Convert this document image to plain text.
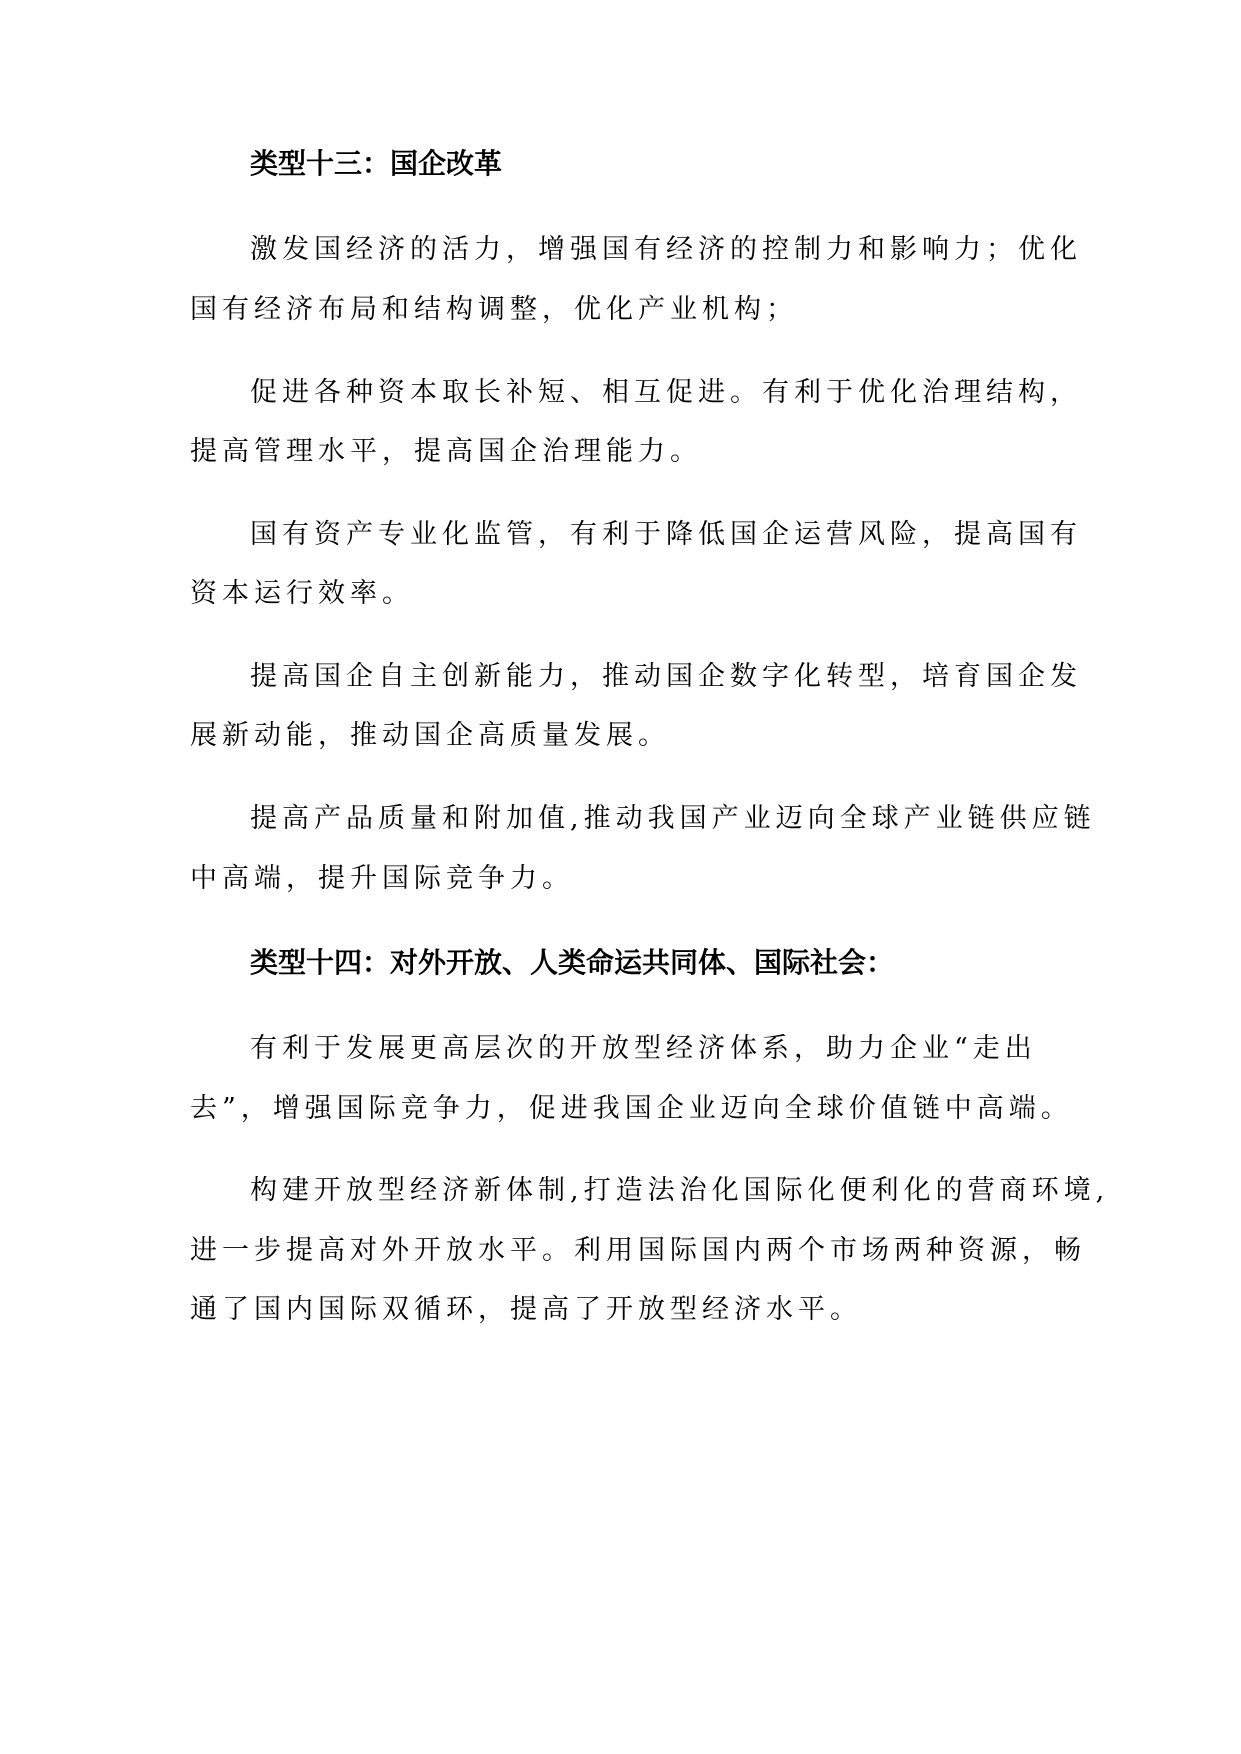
类型十三：国企改革
激发国经济的活力，增强国有经济的控制力和影响力；优化
国有经济布局和结构调整，优化产业机构；
促进各种资本取长补短、相互促进。有利于优化治理结构，
提高管理水平，提高国企治理能力。
国有资产专业化监管，有利于降低国企运营风险，提高国有
资本运行效率。
提高国企自主创新能力，推动国企数字化转型，培育国企发
展新动能，推动国企高质量发展。
提高产品质量和附加值,推动我国产业迈向全球产业链供应链
中高端，提升国际竞争力。
类型十四：对外开放、人类命运共同体、国际社会：
有利于发展更高层次的开放型经济体系，助力企业“走出
去”，增强国际竞争力，促进我国企业迈向全球价值链中高端。
构建开放型经济新体制,打造法治化国际化便利化的营商环境,
进一步提高对外开放水平。利用国际国内两个市场两种资源，畅
通了国内国际双循环，提高了开放型经济水平。
